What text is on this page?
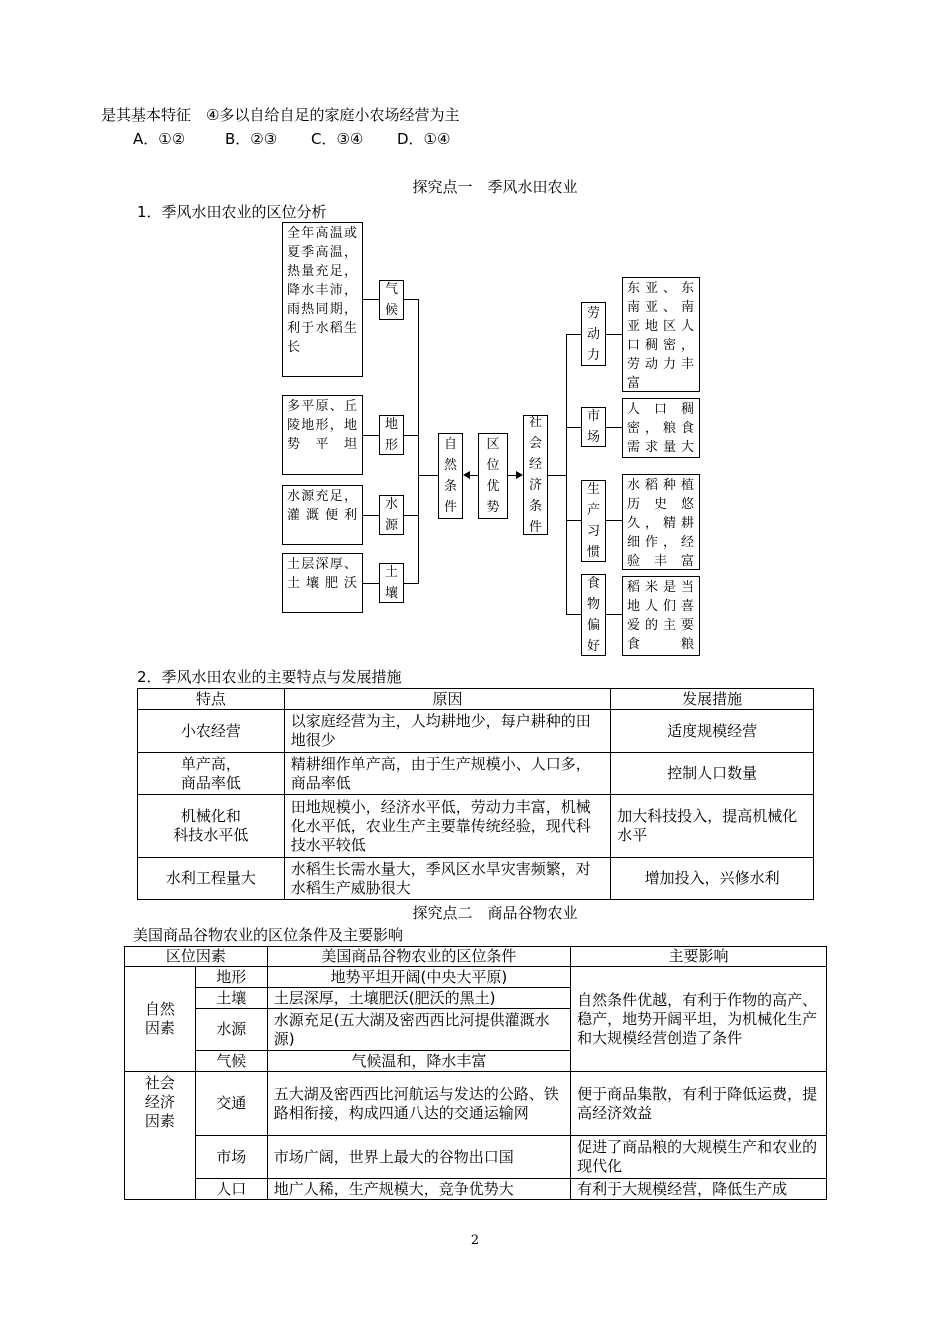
是其基本特征　④多以自给自足的家庭小农场经营为主
A．①②	B．②③ C．③④ D．①④
探究点一　季风水田农业
1．季风水田农业的区位分析
全年高温或夏季高温，热量充足，降水丰沛，雨热同期，利于水稻生长
多平原、丘陵地形，地势平坦
水源充足，灌溉便利
土层深厚、土壤肥沃
气
候
地
形
水
源
土
壤
自
然
条
件
区
位
优
势
社
会
经
济
条
件
劳
动
力
市
场
生
产
习
惯
食
物
偏
好
东亚、东南亚、南亚地区人口稠密，劳动力丰富
人口稠密，粮食需求量大
水稻种植历史悠久，精耕细作，经验丰富
稻米是当地人们喜爱的主要食粮
2．季风水田农业的主要特点与发展措施
特点	原因	发展措施
小农经营	以家庭经营为主，人均耕地少，每户耕种的田地很少	适度规模经营
单产高，
商品率低	精耕细作单产高，由于生产规模小、人口多，商品率低	控制人口数量
机械化和
科技水平低	田地规模小，经济水平低，劳动力丰富，机械化水平低，农业生产主要靠传统经验，现代科技水平较低	加大科技投入，提高机械化水平
水利工程量大	水稻生长需水量大，季风区水旱灾害频繁，对水稻生产威胁很大	增加投入，兴修水利
探究点二　商品谷物农业
美国商品谷物农业的区位条件及主要影响
区位因素		美国商品谷物农业的区位条件	主要影响
自然
因素	地形	地势平坦开阔(中央大平原)	自然条件优越，有利于作物的高产、稳产，地势开阔平坦，为机械化生产和大规模经营创造了条件
	土壤	土层深厚，土壤肥沃(肥沃的黑土)	
	水源	水源充足(五大湖及密西西比河提供灌溉水源)	
	气候	气候温和，降水丰富	
社会
经济
因素	交通	五大湖及密西西比河航运与发达的公路、铁路相衔接，构成四通八达的交通运输网	便于商品集散，有利于降低运费，提高经济效益
	市场	市场广阔，世界上最大的谷物出口国	促进了商品粮的大规模生产和农业的现代化
	人口	地广人稀，生产规模大，竞争优势大	有利于大规模经营，降低生产成
2
